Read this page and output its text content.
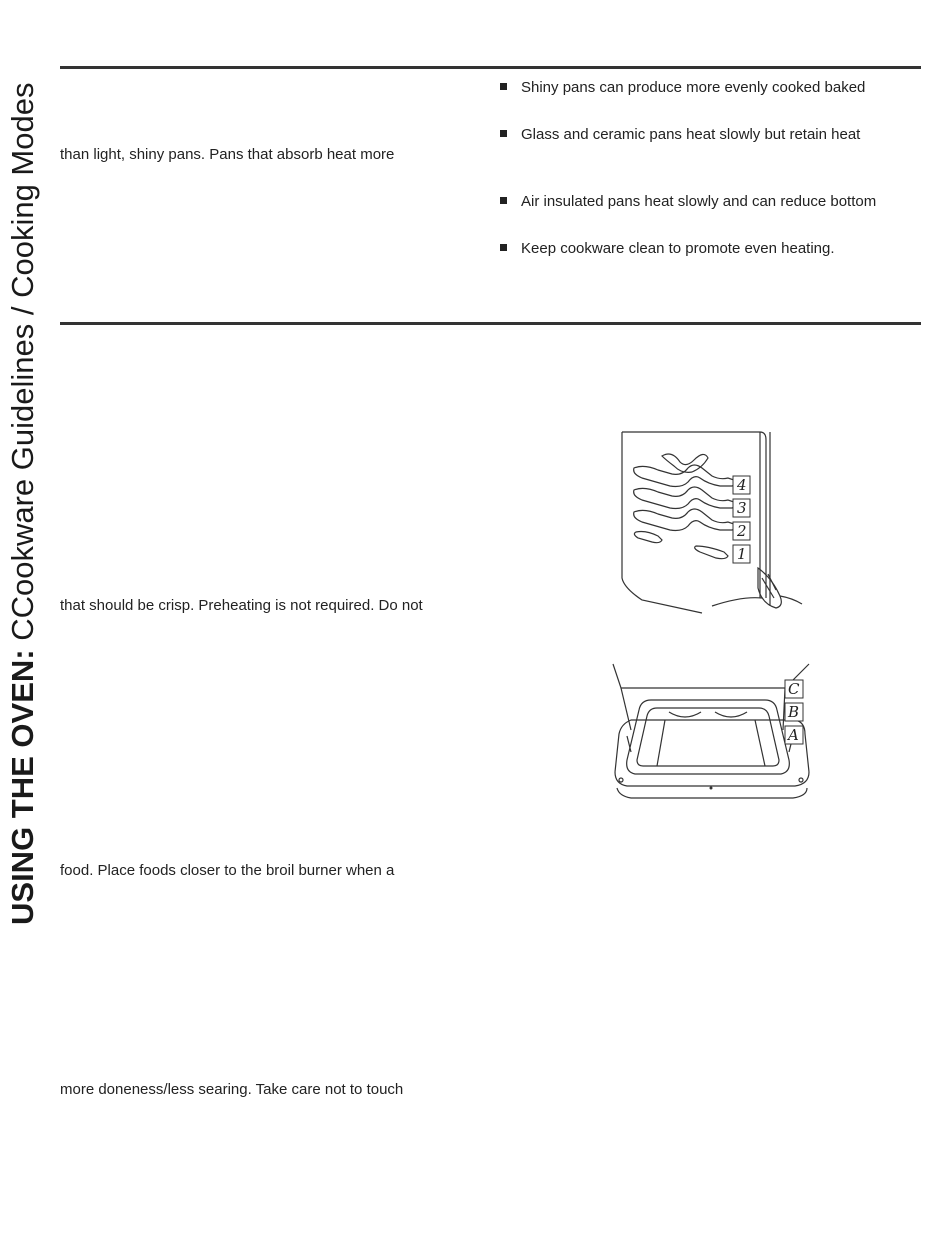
USING THE OVEN: CCookware Guidelines / Cooking Modes	Shiny pans can produce more evenly cooked baked
Glass and ceramic pans heat slowly but retain heat
Air insulated pans heat slowly and can reduce bottom
Keep cookware clean to promote even heating.
than light, shiny pans. Pans that absorb heat more
that should be crisp. Preheating is not required. Do not
food. Place foods closer to the broil burner when a
more doneness/less searing. Take care not to touch
4
3
2
1
C
B
A
